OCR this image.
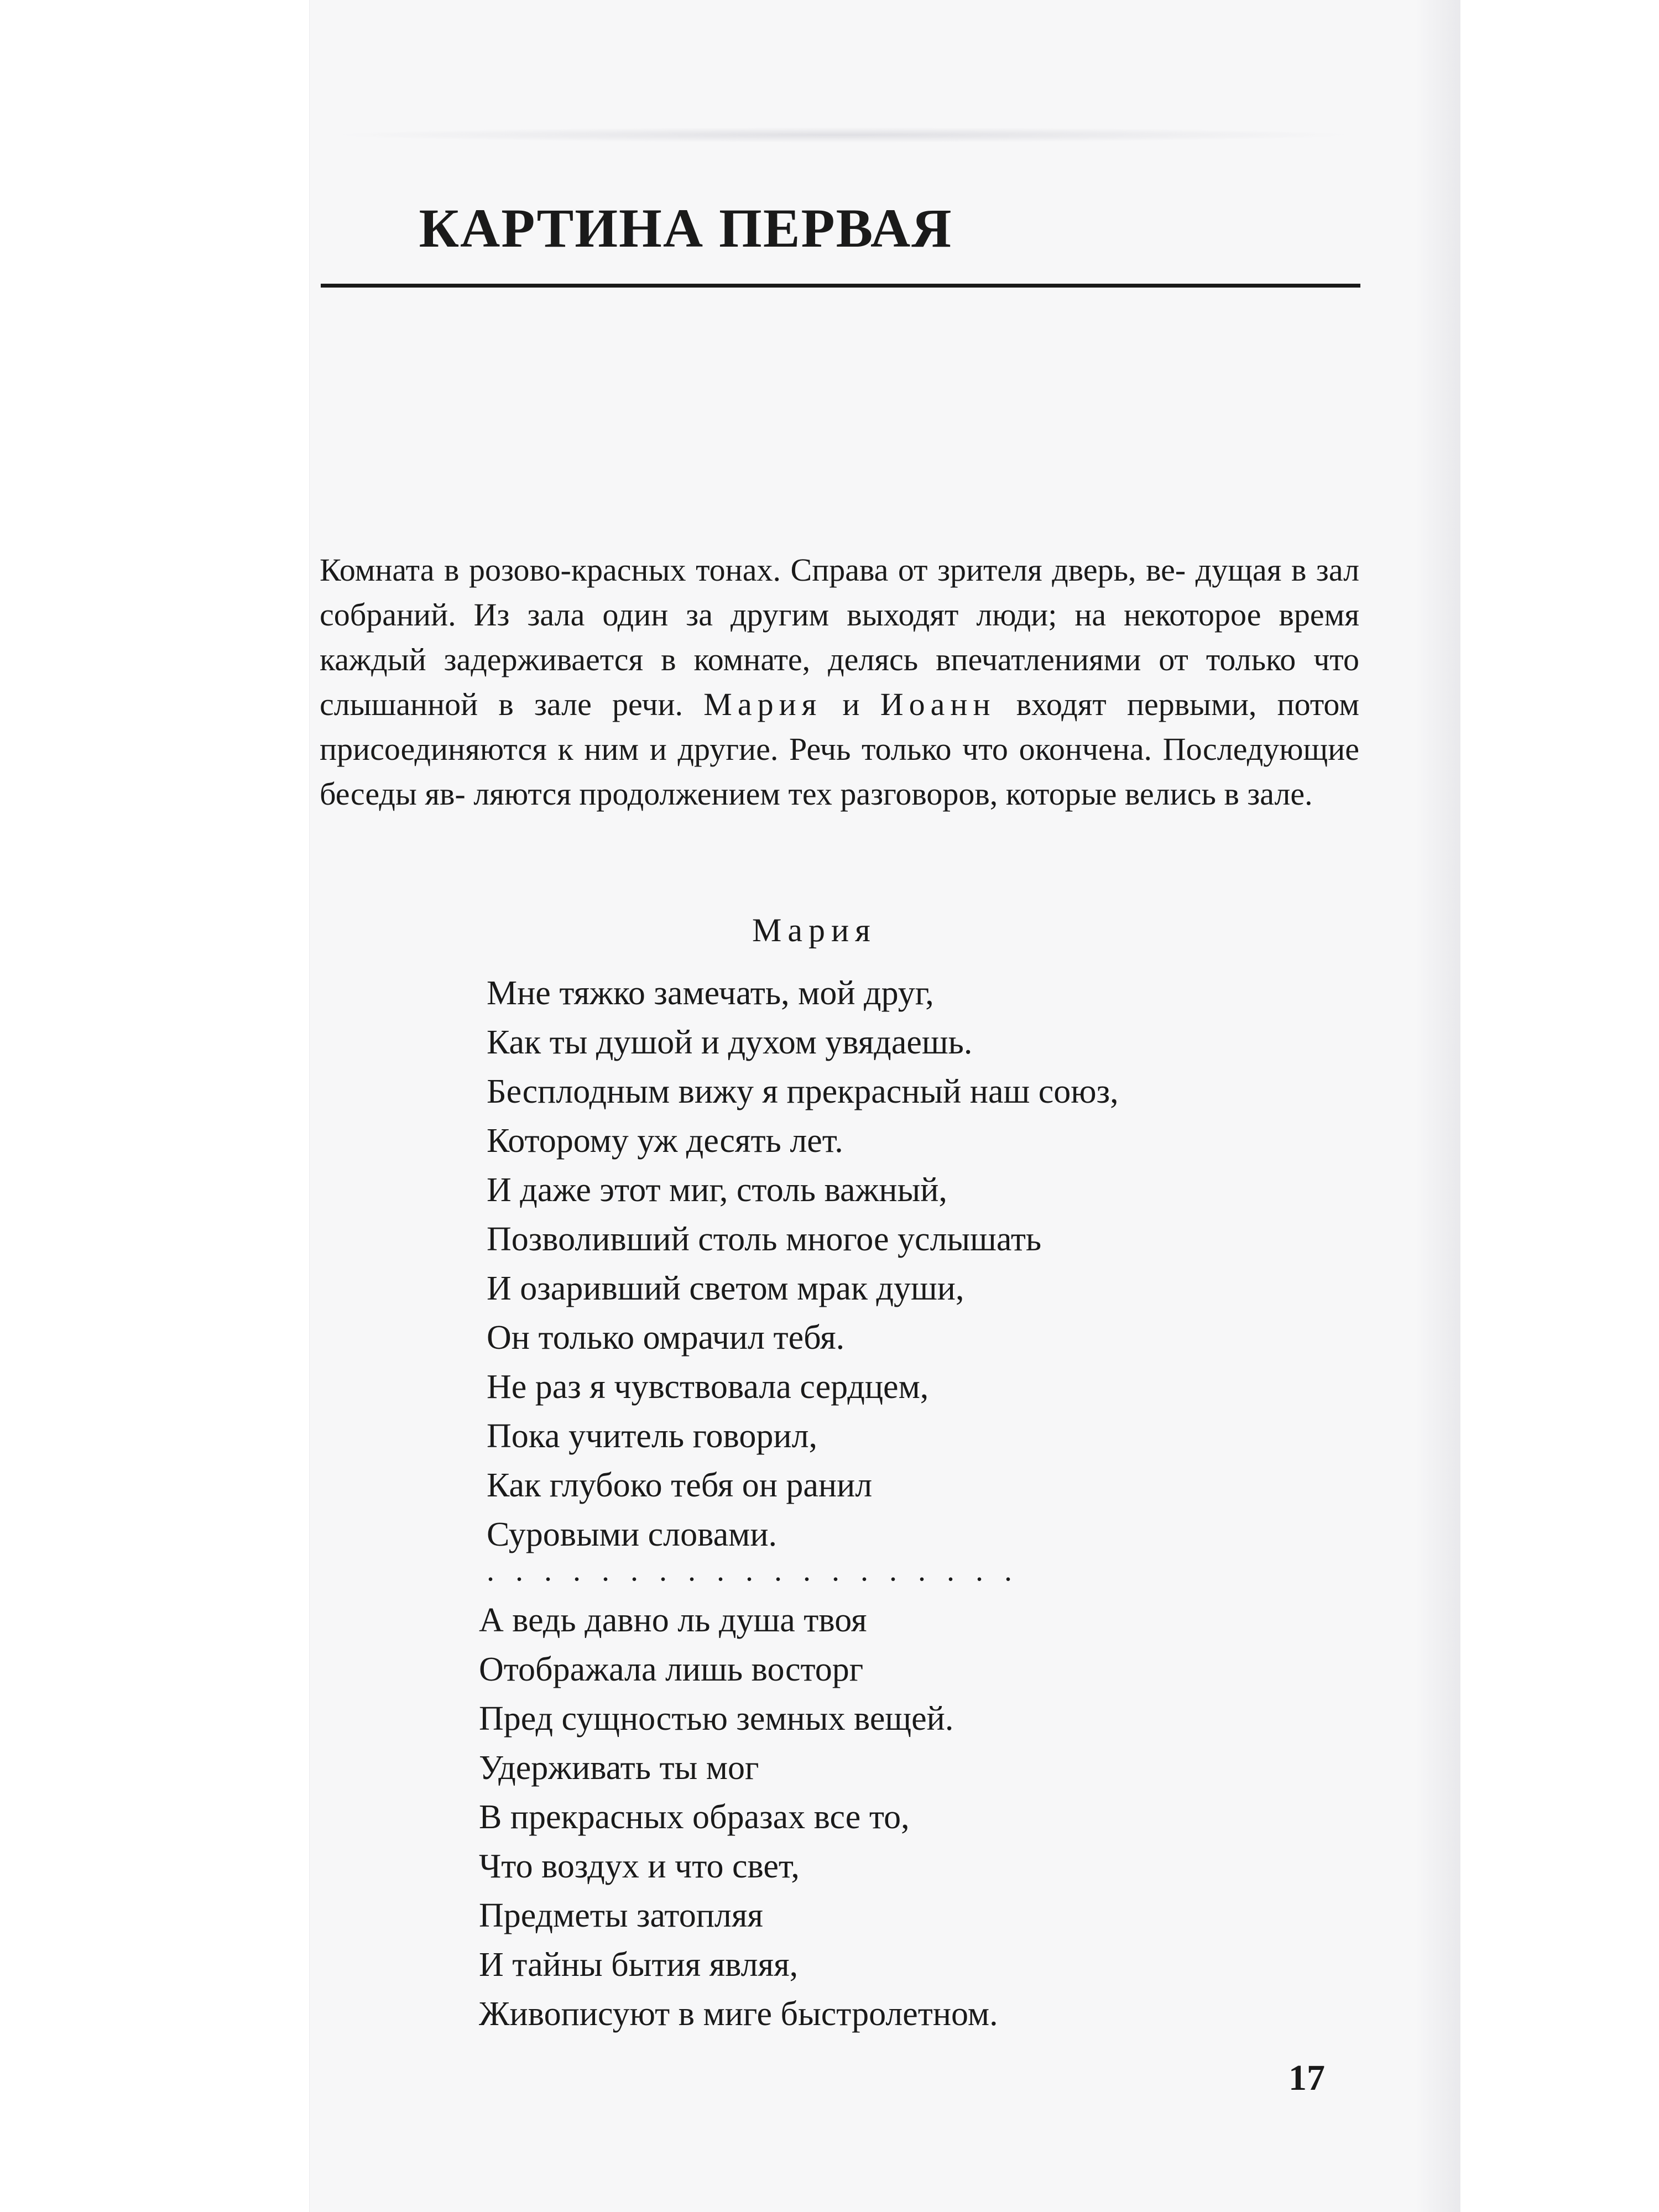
КАРТИНА ПЕРВАЯ

Комната в розово-красных тонах. Справа от зрителя дверь, ве- дущая в зал собраний. Из зала один за другим выходят люди; на некоторое время каждый задерживается в комнате, делясь впечатлениями от только что слышанной в зале речи. Мария и Иоанн входят первыми, потом присоединяются к ним и другие. Речь только что окончена. Последующие беседы яв- ляются продолжением тех разговоров, которые велись в зале.

Мария

Мне тяжко замечать, мой друг,
Как ты душой и духом увядаешь.
Бесплодным вижу я прекрасный наш союз,
Которому уж десять лет.
И даже этот миг, столь важный,
Позволивший столь многое услышать
И озаривший светом мрак души,
Он только омрачил тебя.
Не раз я чувствовала сердцем,
Пока учитель говорил,
Как глубоко тебя он ранил
Суровыми словами.
. . . . . . . . . . . . . . . . . . .
А ведь давно ль душа твоя
Отображала лишь восторг
Пред сущностью земных вещей.
Удерживать ты мог
В прекрасных образах все то,
Что воздух и что свет,
Предметы затопляя
И тайны бытия являя,
Живописуют в миге быстролетном.

17
